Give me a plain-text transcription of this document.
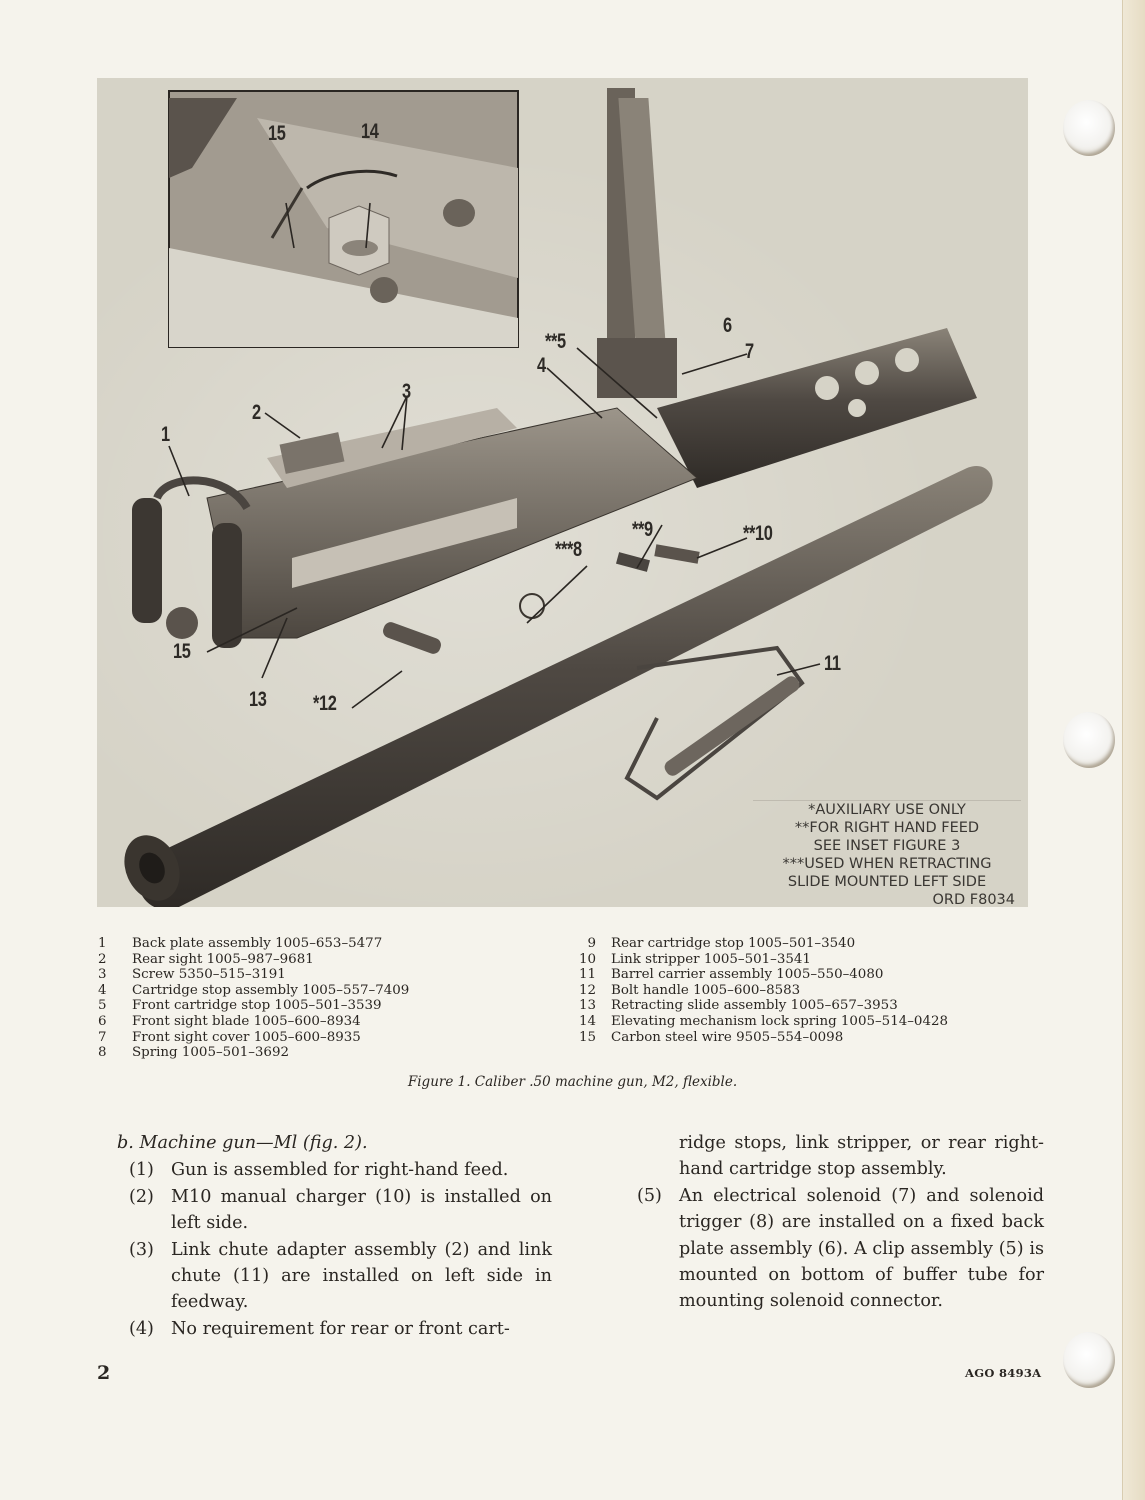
1
2
3
4
**5
6
7
***8
**9	**10
11
*12
13
15
15	14
*AUXILIARY USE ONLY
**FOR RIGHT HAND FEED
SEE INSET FIGURE 3
***USED WHEN RETRACTING
SLIDE MOUNTED LEFT SIDE
ORD F8034
1 Back plate assembly 1005–653–5477
2 Rear sight 1005–987–9681
3 Screw 5350–515–3191
4 Cartridge stop assembly 1005–557–7409
5 Front cartridge stop 1005–501–3539
6 Front sight blade 1005–600–8934
7 Front sight cover 1005–600–8935
8 Spring 1005–501–3692
9 Rear cartridge stop 1005–501–3540
10 Link stripper 1005–501–3541
11 Barrel carrier assembly 1005–550–4080
12 Bolt handle 1005–600–8583
13 Retracting slide assembly 1005–657–3953
14 Elevating mechanism lock spring 1005–514–0428
15 Carbon steel wire 9505–554–0098
Figure 1. Caliber .50 machine gun, M2, flexible.
b. Machine gun—Ml (fig. 2).
(1) Gun is assembled for right-hand feed.
(2) M10 manual charger (10) is installed on left side.
(3) Link chute adapter assembly (2) and link chute (11) are installed on left side in feedway.
(4) No requirement for rear or front cart-
ridge stops, link stripper, or rear right-hand cartridge stop assembly.
(5) An electrical solenoid (7) and solenoid trigger (8) are installed on a fixed back plate assembly (6). A clip assembly (5) is mounted on bottom of buffer tube for mounting solenoid connector.
2	AGO 8493A
